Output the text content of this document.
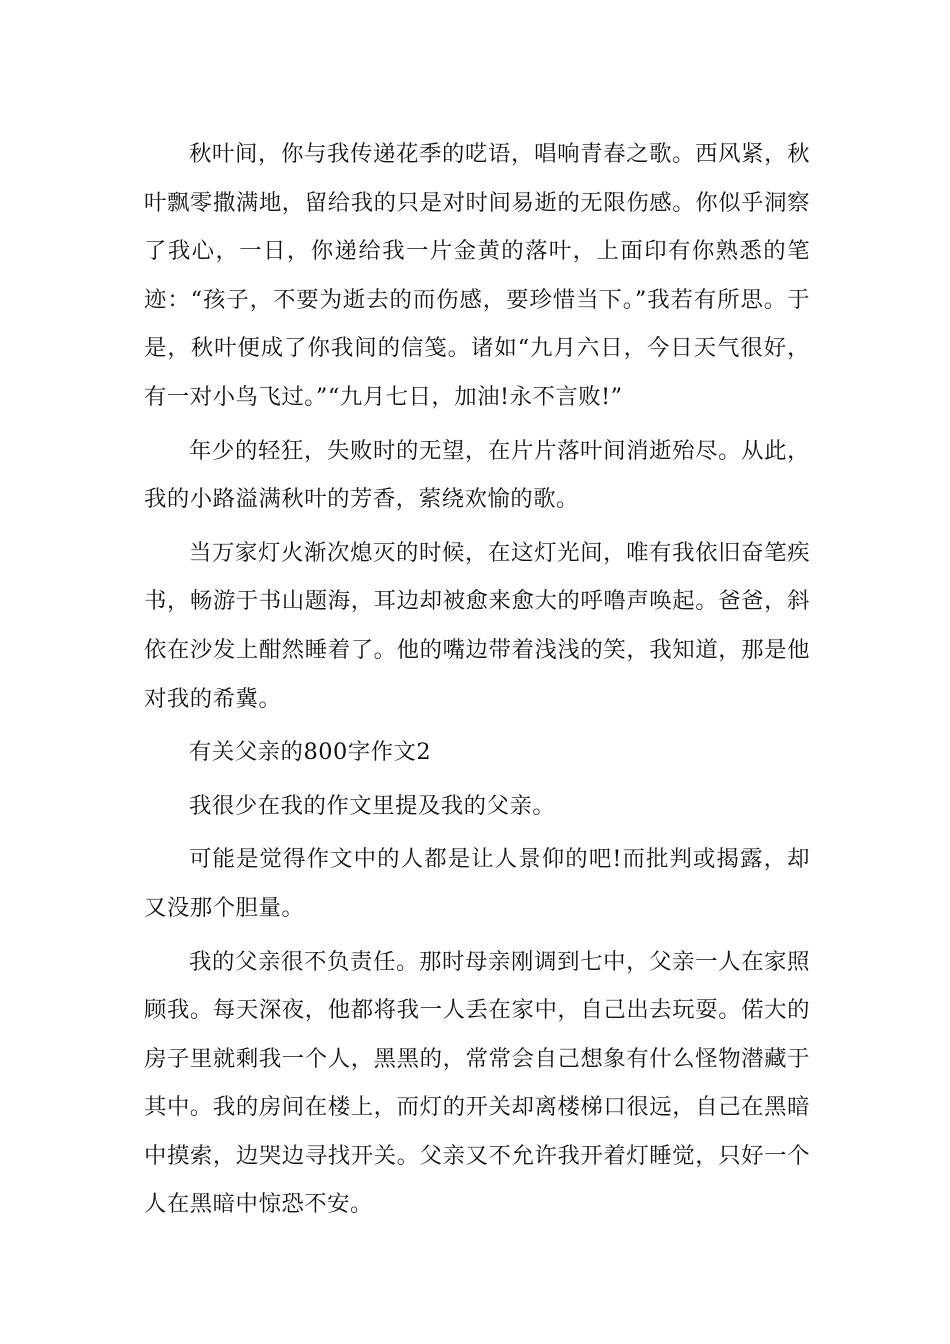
秋叶间，你与我传递花季的呓语，唱响青春之歌。西风紧，秋叶飘零撒满地，留给我的只是对时间易逝的无限伤感。你似乎洞察了我心，一日，你递给我一片金黄的落叶，上面印有你熟悉的笔迹：“孩子，不要为逝去的而伤感，要珍惜当下。”我若有所思。于是，秋叶便成了你我间的信笺。诸如“九月六日，今日天气很好，有一对小鸟飞过。”“九月七日，加油!永不言败!”

年少的轻狂，失败时的无望，在片片落叶间消逝殆尽。从此，我的小路溢满秋叶的芳香，萦绕欢愉的歌。

当万家灯火渐次熄灭的时候，在这灯光间，唯有我依旧奋笔疾书，畅游于书山题海，耳边却被愈来愈大的呼噜声唤起。爸爸，斜依在沙发上酣然睡着了。他的嘴边带着浅浅的笑，我知道，那是他对我的希冀。

有关父亲的800字作文2

我很少在我的作文里提及我的父亲。

可能是觉得作文中的人都是让人景仰的吧!而批判或揭露，却又没那个胆量。

我的父亲很不负责任。那时母亲刚调到七中，父亲一人在家照顾我。每天深夜，他都将我一人丢在家中，自己出去玩耍。偌大的房子里就剩我一个人，黑黑的，常常会自己想象有什么怪物潜藏于其中。我的房间在楼上，而灯的开关却离楼梯口很远，自己在黑暗中摸索，边哭边寻找开关。父亲又不允许我开着灯睡觉，只好一个人在黑暗中惊恐不安。
